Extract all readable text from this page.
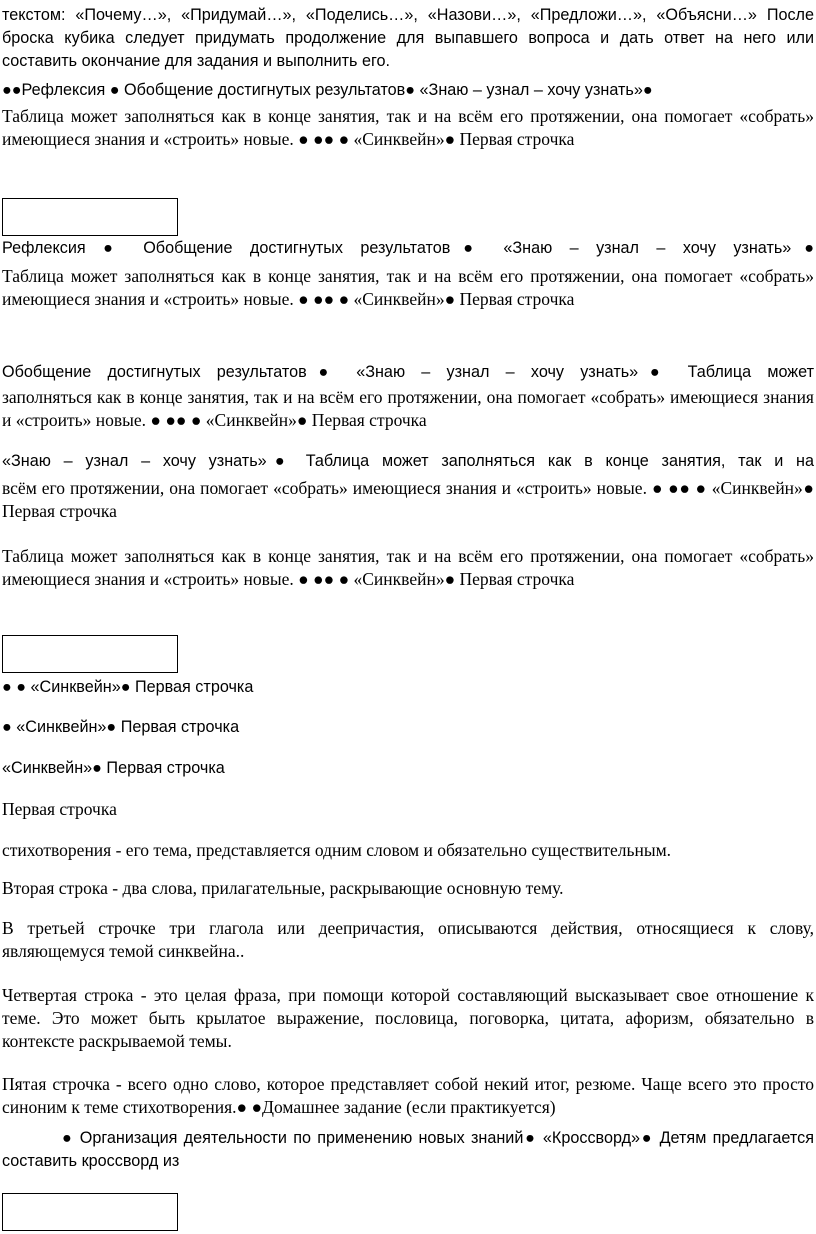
текстом: «Почему…», «Придумай…», «Поделись…», «Назови…», «Предложи…», «Объясни…» После броска кубика следует придумать продолжение для выпавшего вопроса и дать ответ на него или составить окончание для задания и выполнить его.

●●Рефлексия ● Обобщение достигнутых результатов● «Знаю – узнал – хочу узнать»●

Таблица может заполняться как в конце занятия, так и на всём его протяжении, она помогает «собрать» имеющиеся знания и «строить» новые. ● ●● ● «Синквейн»● Первая строчка

Рефлексия ● Обобщение достигнутых результатов● «Знаю – узнал – хочу узнать»●

Таблица может заполняться как в конце занятия, так и на всём его протяжении, она помогает «собрать» имеющиеся знания и «строить» новые. ● ●● ● «Синквейн»● Первая строчка

Обобщение достигнутых результатов● «Знаю – узнал – хочу узнать»● Таблица может

заполняться как в конце занятия, так и на всём его протяжении, она помогает «собрать» имеющиеся знания и «строить» новые. ● ●● ● «Синквейн»● Первая строчка

«Знаю – узнал – хочу узнать»● Таблица может заполняться как в конце занятия, так и на

всём его протяжении, она помогает «собрать» имеющиеся знания и «строить» новые. ● ●● ● «Синквейн»● Первая строчка

Таблица может заполняться как в конце занятия, так и на всём его протяжении, она помогает «собрать» имеющиеся знания и «строить» новые. ● ●● ● «Синквейн»● Первая строчка

● ● «Синквейн»● Первая строчка

● «Синквейн»● Первая строчка

«Синквейн»● Первая строчка

Первая строчка

стихотворения - его тема, представляется одним словом и обязательно существительным.

Вторая строка - два слова, прилагательные, раскрывающие основную тему.

В третьей строчке три глагола или деепричастия, описываются действия, относящиеся к слову, являющемуся темой синквейна..

Четвертая строка - это целая фраза, при помощи которой составляющий высказывает свое отношение к теме. Это может быть крылатое выражение, пословица, поговорка, цитата, афоризм, обязательно в контексте раскрываемой темы.

Пятая строчка - всего одно слово, которое представляет собой некий итог, резюме. Чаще всего это просто синоним к теме стихотворения.● ●Домашнее задание (если практикуется)

● Организация деятельности по применению новых знаний● «Кроссворд»● Детям предлагается составить кроссворд из
